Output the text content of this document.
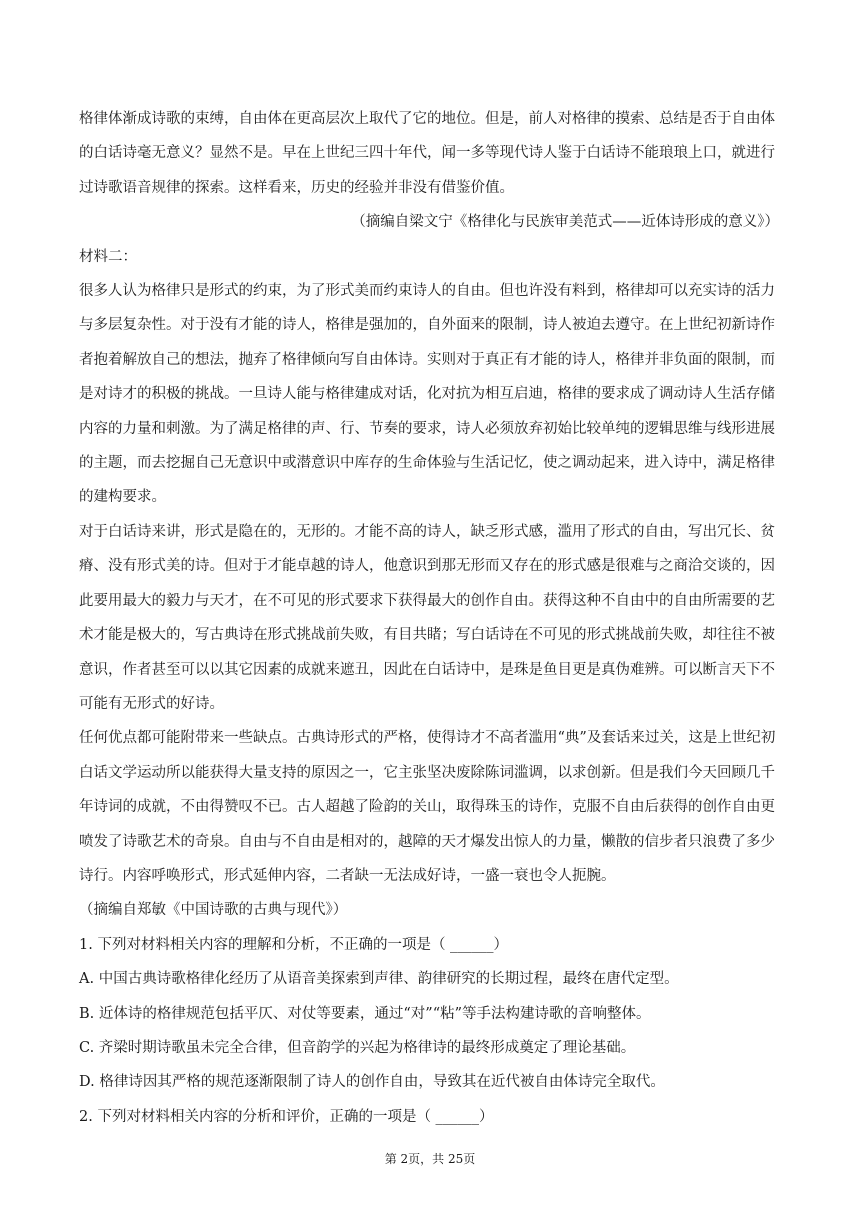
格律体渐成诗歌的束缚，自由体在更高层次上取代了它的地位。但是，前人对格律的摸索、总结是否于自由体的白话诗毫无意义？显然不是。早在上世纪三四十年代，闻一多等现代诗人鉴于白话诗不能琅琅上口，就进行过诗歌语音规律的探索。这样看来，历史的经验并非没有借鉴价值。

（摘编自梁文宁《格律化与民族审美范式——近体诗形成的意义》）

材料二：

很多人认为格律只是形式的约束，为了形式美而约束诗人的自由。但也许没有料到，格律却可以充实诗的活力与多层复杂性。对于没有才能的诗人，格律是强加的，自外面来的限制，诗人被迫去遵守。在上世纪初新诗作者抱着解放自己的想法，抛弃了格律倾向写自由体诗。实则对于真正有才能的诗人，格律并非负面的限制，而是对诗才的积极的挑战。一旦诗人能与格律建成对话，化对抗为相互启迪，格律的要求成了调动诗人生活存储内容的力量和刺激。为了满足格律的声、行、节奏的要求，诗人必须放弃初始比较单纯的逻辑思维与线形进展的主题，而去挖掘自己无意识中或潜意识中库存的生命体验与生活记忆，使之调动起来，进入诗中，满足格律的建构要求。

对于白话诗来讲，形式是隐在的，无形的。才能不高的诗人，缺乏形式感，滥用了形式的自由，写出冗长、贫瘠、没有形式美的诗。但对于才能卓越的诗人，他意识到那无形而又存在的形式感是很难与之商洽交谈的，因此要用最大的毅力与天才，在不可见的形式要求下获得最大的创作自由。获得这种不自由中的自由所需要的艺术才能是极大的，写古典诗在形式挑战前失败，有目共睹；写白话诗在不可见的形式挑战前失败，却往往不被意识，作者甚至可以以其它因素的成就来遮丑，因此在白话诗中，是珠是鱼目更是真伪难辨。可以断言天下不可能有无形式的好诗。

任何优点都可能附带来一些缺点。古典诗形式的严格，使得诗才不高者滥用“典”及套话来过关，这是上世纪初白话文学运动所以能获得大量支持的原因之一，它主张坚决废除陈词滥调，以求创新。但是我们今天回顾几千年诗词的成就，不由得赞叹不已。古人超越了险韵的关山，取得珠玉的诗作，克服不自由后获得的创作自由更喷发了诗歌艺术的奇泉。自由与不自由是相对的，越障的天才爆发出惊人的力量，懒散的信步者只浪费了多少诗行。内容呼唤形式，形式延伸内容，二者缺一无法成好诗，一盛一衰也令人扼腕。

（摘编自郑敏《中国诗歌的古典与现代》）

1. 下列对材料相关内容的理解和分析，不正确的一项是（ ______）

A. 中国古典诗歌格律化经历了从语音美探索到声律、韵律研究的长期过程，最终在唐代定型。

B. 近体诗的格律规范包括平仄、对仗等要素，通过“对”“粘”等手法构建诗歌的音响整体。

C. 齐梁时期诗歌虽未完全合律，但音韵学的兴起为格律诗的最终形成奠定了理论基础。

D. 格律诗因其严格的规范逐渐限制了诗人的创作自由，导致其在近代被自由体诗完全取代。

2. 下列对材料相关内容的分析和评价，正确的一项是（ ______）

第 2页，共 25页
